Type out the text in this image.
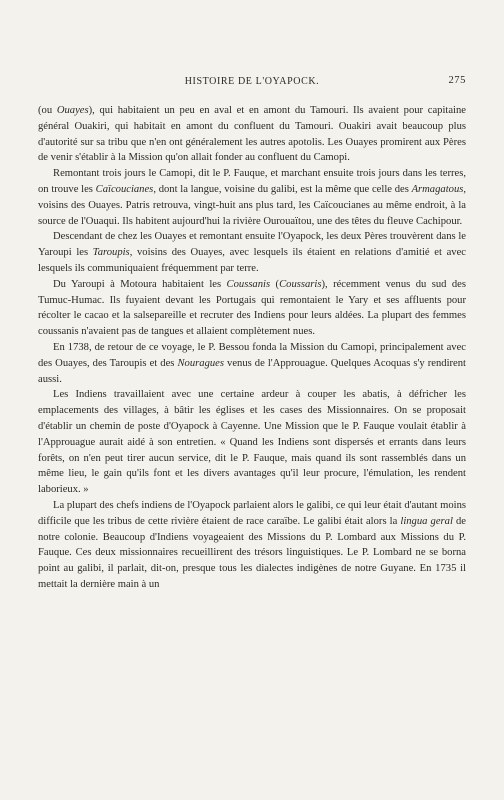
HISTOIRE DE L'OYAPOCK.	275

(ou Ouayes), qui habitaient un peu en aval et en amont du Tamouri. Ils avaient pour capitaine général Ouakiri, qui habitait en amont du confluent du Tamouri. Ouakiri avait beaucoup plus d'autorité sur sa tribu que n'en ont généralement les autres apotolis. Les Ouayes promirent aux Pères de venir s'établir à la Mission qu'on allait fonder au confluent du Camopi.

Remontant trois jours le Camopi, dit le P. Fauque, et marchant ensuite trois jours dans les terres, on trouve les Caïcoucianes, dont la langue, voisine du galibi, est la même que celle des Armagatous, voisins des Ouayes. Patris retrouva, vingt-huit ans plus tard, les Caïcoucianes au même endroit, à la source de l'Ouaqui. Ils habitent aujourd'hui la rivière Ourouaïtou, une des têtes du fleuve Cachipour.

Descendant de chez les Ouayes et remontant ensuite l'Oyapock, les deux Pères trouvèrent dans le Yaroupi les Taroupis, voisins des Ouayes, avec lesquels ils étaient en relations d'amitié et avec lesquels ils communiquaient fréquemment par terre.

Du Yaroupi à Motoura habitaient les Coussanis (Coussaris), récemment venus du sud des Tumuc-Humac. Ils fuyaient devant les Portugais qui remontaient le Yary et ses affluents pour récolter le cacao et la salsepareille et recruter des Indiens pour leurs aldées. La plupart des femmes coussanis n'avaient pas de tangues et allaient complètement nues.

En 1738, de retour de ce voyage, le P. Bessou fonda la Mission du Camopi, principalement avec des Ouayes, des Taroupis et des Nouragues venus de l'Approuague. Quelques Acoquas s'y rendirent aussi.

Les Indiens travaillaient avec une certaine ardeur à couper les abatis, à défricher les emplacements des villages, à bâtir les églises et les cases des Missionnaires. On se proposait d'établir un chemin de poste d'Oyapock à Cayenne. Une Mission que le P. Fauque voulait établir à l'Approuague aurait aidé à son entretien. « Quand les Indiens sont dispersés et errants dans leurs forêts, on n'en peut tirer aucun service, dit le P. Fauque, mais quand ils sont rassemblés dans un même lieu, le gain qu'ils font et les divers avantages qu'il leur procure, l'émulation, les rendent laborieux. »

La plupart des chefs indiens de l'Oyapock parlaient alors le galibi, ce qui leur était d'autant moins difficile que les tribus de cette rivière étaient de race caraïbe. Le galibi était alors la lingua geral de notre colonie. Beaucoup d'Indiens voyageaient des Missions du P. Lombard aux Missions du P. Fauque. Ces deux missionnaires recueillirent des trésors linguistiques. Le P. Lombard ne se borna point au galibi, il parlait, dit-on, presque tous les dialectes indigènes de notre Guyane. En 1735 il mettait la dernière main à un
